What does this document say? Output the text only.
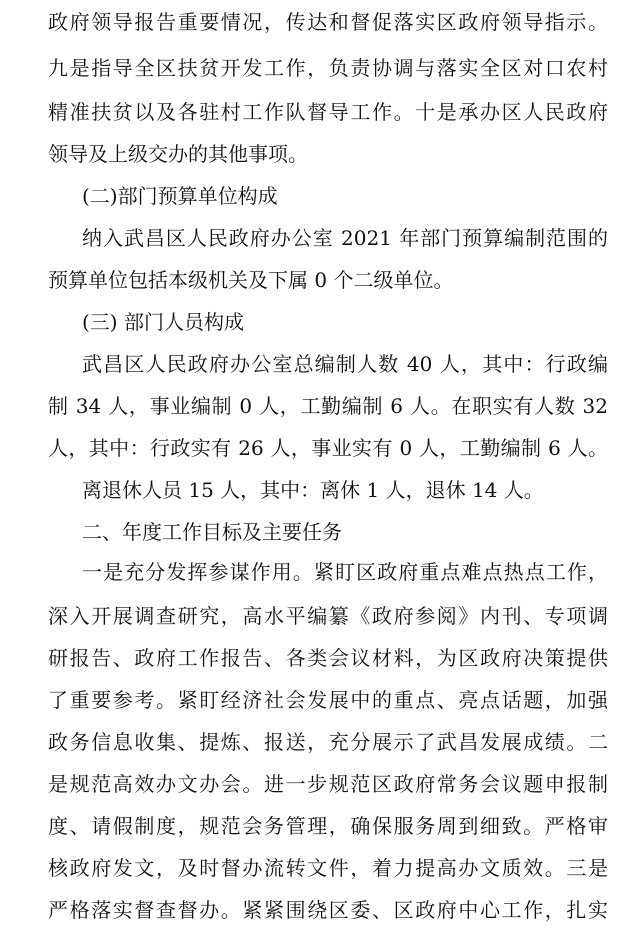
政府领导报告重要情况，传达和督促落实区政府领导指示。
九是指导全区扶贫开发工作，负责协调与落实全区对口农村
精准扶贫以及各驻村工作队督导工作。十是承办区人民政府
领导及上级交办的其他事项。
(二)部门预算单位构成
纳入武昌区人民政府办公室 2021 年部门预算编制范围的
预算单位包括本级机关及下属 0 个二级单位。
(三) 部门人员构成
武昌区人民政府办公室总编制人数 40 人，其中：行政编
制 34 人，事业编制 0 人，工勤编制 6 人。在职实有人数 32
人，其中：行政实有 26 人，事业实有 0 人，工勤编制 6 人。
离退休人员 15 人，其中：离休 1 人，退休 14 人。
二、年度工作目标及主要任务
一是充分发挥参谋作用。紧盯区政府重点难点热点工作，
深入开展调查研究，高水平编纂《政府参阅》内刊、专项调
研报告、政府工作报告、各类会议材料，为区政府决策提供
了重要参考。紧盯经济社会发展中的重点、亮点话题，加强
政务信息收集、提炼、报送，充分展示了武昌发展成绩。二
是规范高效办文办会。进一步规范区政府常务会议题申报制
度、请假制度，规范会务管理，确保服务周到细致。严格审
核政府发文，及时督办流转文件，着力提高办文质效。三是
严格落实督查督办。紧紧围绕区委、区政府中心工作，扎实
